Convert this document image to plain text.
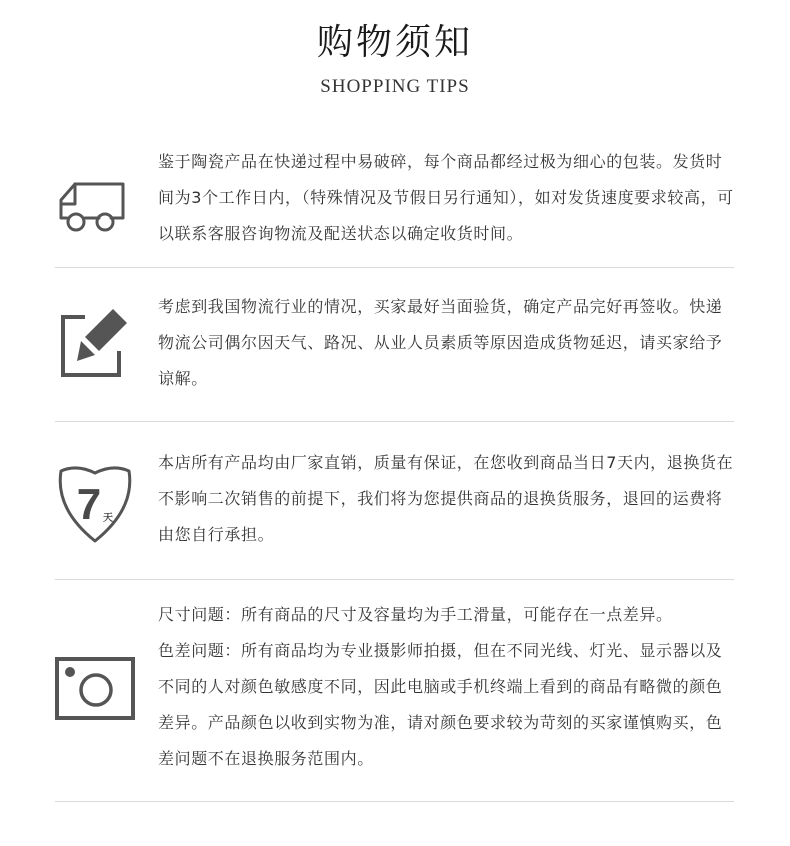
购物须知
SHOPPING TIPS

鉴于陶瓷产品在快递过程中易破碎，每个商品都经过极为细心的包装。发货时间为3个工作日内，（特殊情况及节假日另行通知），如对发货速度要求较高，可以联系客服咨询物流及配送状态以确定收货时间。

考虑到我国物流行业的情况，买家最好当面验货，确定产品完好再签收。快递物流公司偶尔因天气、路况、从业人员素质等原因造成货物延迟，请买家给予谅解。

7 天

本店所有产品均由厂家直销，质量有保证，在您收到商品当日7天内，退换货在不影响二次销售的前提下，我们将为您提供商品的退换货服务，退回的运费将由您自行承担。

尺寸问题：所有商品的尺寸及容量均为手工滑量，可能存在一点差异。

色差问题：所有商品均为专业摄影师拍摄，但在不同光线、灯光、显示器以及不同的人对颜色敏感度不同，因此电脑或手机终端上看到的商品有略微的颜色差异。产品颜色以收到实物为准，请对颜色要求较为苛刻的买家谨慎购买，色差问题不在退换服务范围内。
